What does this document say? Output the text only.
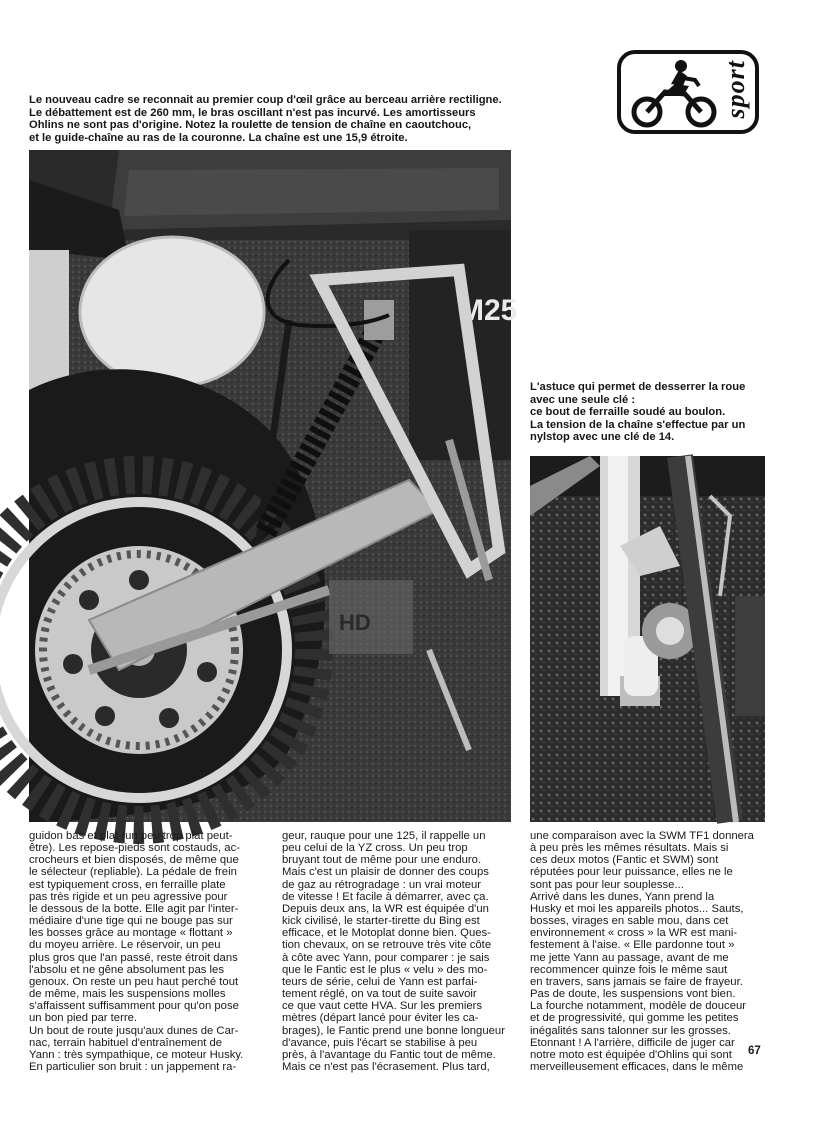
sport
Le nouveau cadre se reconnait au premier coup d'œil grâce au berceau arrière rectiligne.
Le débattement est de 260 mm, le bras oscillant n'est pas incurvé. Les amortisseurs
Ohlins ne sont pas d'origine. Notez la roulette de tension de chaîne en caoutchouc,
et le guide-chaîne au ras de la couronne. La chaîne est une 15,9 étroite.
M25
HD
L'astuce qui permet de desserrer la roue
avec une seule clé :
ce bout de ferraille soudé au boulon.
La tension de la chaîne s'effectue par un
nylstop avec une clé de 14.
guidon bas et plat (un peu trop plat peut-
être). Les repose-pieds sont costauds, ac-
crocheurs et bien disposés, de même que
le sélecteur (repliable). La pédale de frein
est typiquement cross, en ferraille plate
pas très rigide et un peu agressive pour
le dessous de la botte. Elle agit par l'inter-
médiaire d'une tige qui ne bouge pas sur
les bosses grâce au montage « flottant »
du moyeu arrière. Le réservoir, un peu
plus gros que l'an passé, reste étroit dans
l'absolu et ne gêne absolument pas les
genoux. On reste un peu haut perché tout
de même, mais les suspensions molles
s'affaissent suffisamment pour qu'on pose
un bon pied par terre.
Un bout de route jusqu'aux dunes de Car-
nac, terrain habituel d'entraînement de
Yann : très sympathique, ce moteur Husky.
En particulier son bruit : un jappement ra-
geur, rauque pour une 125, il rappelle un
peu celui de la YZ cross. Un peu trop
bruyant tout de même pour une enduro.
Mais c'est un plaisir de donner des coups
de gaz au rétrogradage : un vrai moteur
de vitesse ! Et facile à démarrer, avec ça.
Depuis deux ans, la WR est équipée d'un
kick civilisé, le starter-tirette du Bing est
efficace, et le Motoplat donne bien. Ques-
tion chevaux, on se retrouve très vite côte
à côte avec Yann, pour comparer : je sais
que le Fantic est le plus « velu » des mo-
teurs de série, celui de Yann est parfai-
tement réglé, on va tout de suite savoir
ce que vaut cette HVA. Sur les premiers
mètres (départ lancé pour éviter les ca-
brages), le Fantic prend une bonne longueur
d'avance, puis l'écart se stabilise à peu
près, à l'avantage du Fantic tout de même.
Mais ce n'est pas l'écrasement. Plus tard,
une comparaison avec la SWM TF1 donnera
à peu près les mêmes résultats. Mais si
ces deux motos (Fantic et SWM) sont
réputées pour leur puissance, elles ne le
sont pas pour leur souplesse...
Arrivé dans les dunes, Yann prend la
Husky et moi les appareils photos... Sauts,
bosses, virages en sable mou, dans cet
environnement « cross » la WR est mani-
festement à l'aise. « Elle pardonne tout »
me jette Yann au passage, avant de me
recommencer quinze fois le même saut
en travers, sans jamais se faire de frayeur.
Pas de doute, les suspensions vont bien.
La fourche notamment, modèle de douceur
et de progressivité, qui gomme les petites
inégalités sans talonner sur les grosses.
Etonnant ! A l'arrière, difficile de juger car
notre moto est équipée d'Ohlins qui sont
merveilleusement efficaces, dans le même
67
